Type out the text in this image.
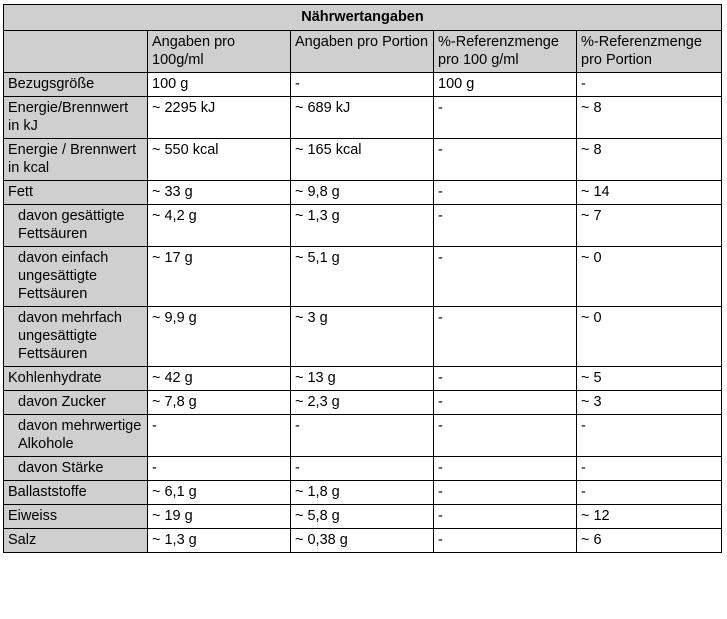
Nährwertangaben				
	Angaben pro 100g/ml	Angaben pro Portion	%-Referenzmenge pro 100 g/ml	%-Referenzmenge pro Portion
Bezugsgröße	100 g	-	100 g	-
Energie/Brennwert in kJ	~ 2295 kJ	~ 689 kJ	-	~ 8
Energie / Brennwert in kcal	~ 550 kcal	~ 165 kcal	-	~ 8
Fett	~ 33 g	~ 9,8 g	-	~ 14
davon gesättigte Fettsäuren	~ 4,2 g	~ 1,3 g	-	~ 7
davon einfach ungesättigte Fettsäuren	~ 17 g	~ 5,1 g	-	~ 0
davon mehrfach ungesättigte Fettsäuren	~ 9,9 g	~ 3 g	-	~ 0
Kohlenhydrate	~ 42 g	~ 13 g	-	~ 5
davon Zucker	~ 7,8 g	~ 2,3 g	-	~ 3
davon mehrwertige Alkohole	-	-	-	-
davon Stärke	-	-	-	-
Ballaststoffe	~ 6,1 g	~ 1,8 g	-	-
Eiweiss	~ 19 g	~ 5,8 g	-	~ 12
Salz	~ 1,3 g	~ 0,38 g	-	~ 6
